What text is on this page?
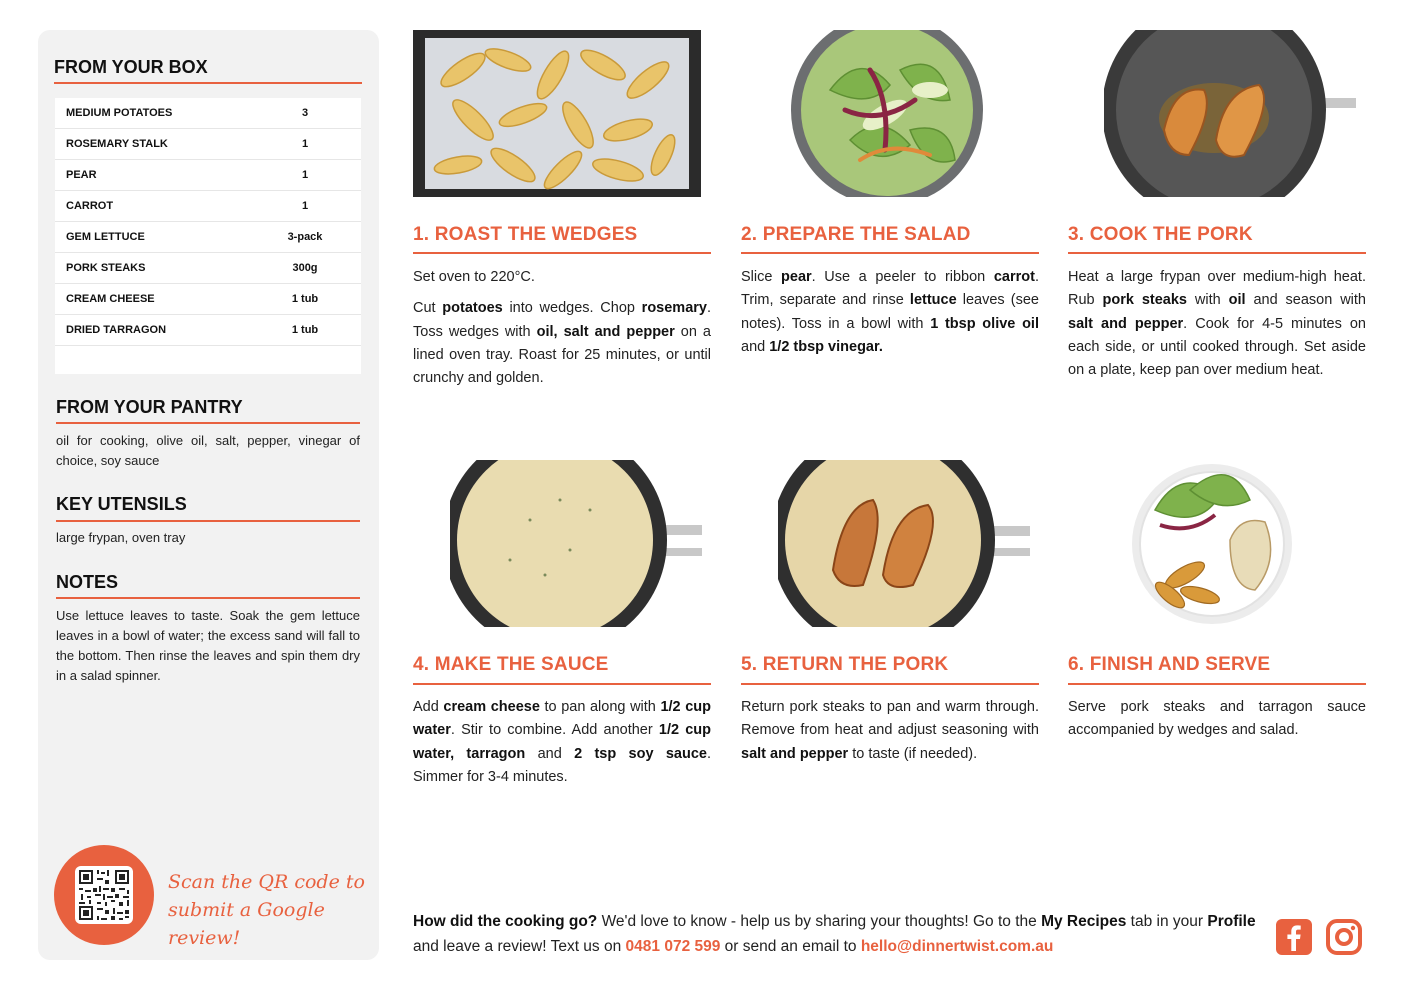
FROM YOUR BOX
MEDIUM POTATOES	3
ROSEMARY STALK	1
PEAR	1
CARROT	1
GEM LETTUCE	3-pack
PORK STEAKS	300g
CREAM CHEESE	1 tub
DRIED TARRAGON	1 tub
FROM YOUR PANTRY
oil for cooking, olive oil, salt, pepper, vinegar of choice, soy sauce
KEY UTENSILS
large frypan, oven tray
NOTES
Use lettuce leaves to taste. Soak the gem lettuce leaves in a bowl of water; the excess sand will fall to the bottom. Then rinse the leaves and spin them dry in a salad spinner.
Scan the QR code to
submit a Google review!
1. ROAST THE WEDGES	2. PREPARE THE SALAD	3. COOK THE PORK
4. MAKE THE SAUCE	5. RETURN THE PORK	6. FINISH AND SERVE

Set oven to 220°C.

Cut potatoes into wedges. Chop rosemary. Toss wedges with oil, salt and pepper on a lined oven tray. Roast for 25 minutes, or until crunchy and golden.

Slice pear. Use a peeler to ribbon carrot. Trim, separate and rinse lettuce leaves (see notes). Toss in a bowl with 1 tbsp olive oil and 1/2 tbsp vinegar.

Heat a large frypan over medium-high heat. Rub pork steaks with oil and season with salt and pepper. Cook for 4-5 minutes on each side, or until cooked through. Set aside on a plate, keep pan over medium heat.

Add cream cheese to pan along with 1/2 cup water. Stir to combine. Add another 1/2 cup water, tarragon and 2 tsp soy sauce. Simmer for 3-4 minutes.

Return pork steaks to pan and warm through. Remove from heat and adjust seasoning with salt and pepper to taste (if needed).

Serve pork steaks and tarragon sauce accompanied by wedges and salad.

How did the cooking go? We'd love to know - help us by sharing your thoughts! Go to the My Recipes tab in your Profile and leave a review! Text us on 0481 072 599 or send an email to hello@dinnertwist.com.au
